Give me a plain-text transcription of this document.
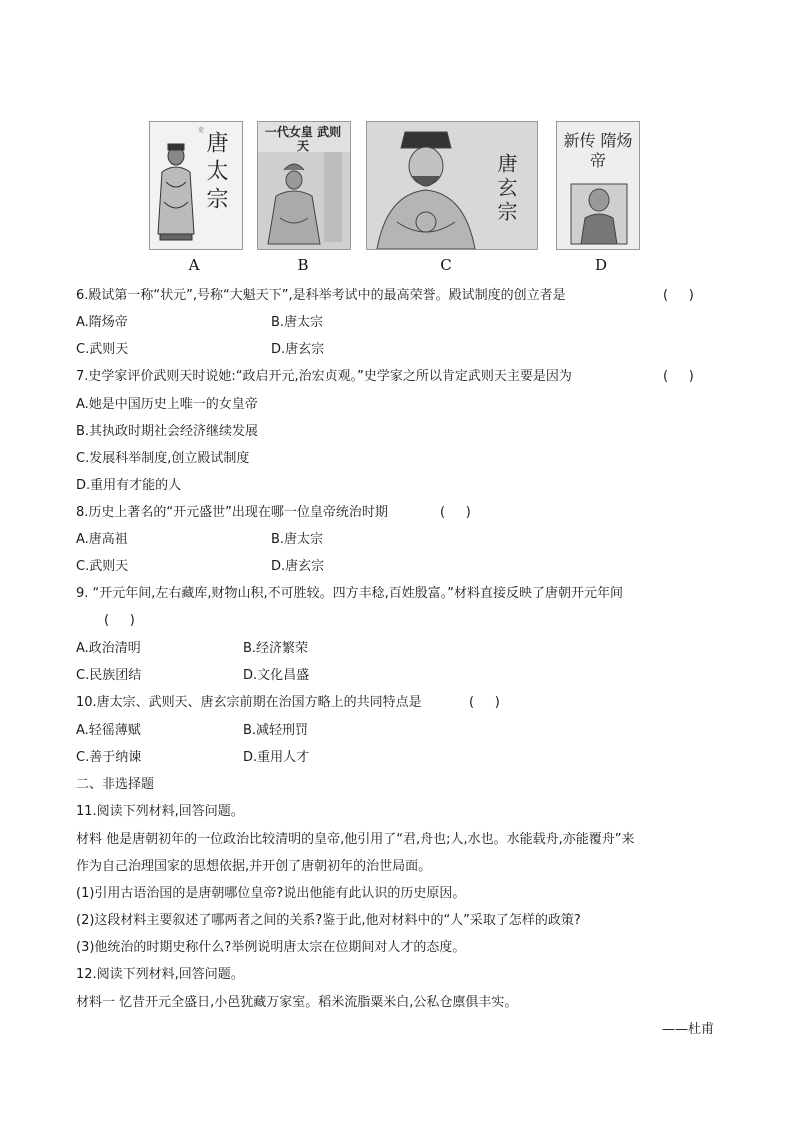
史
唐太宗	一代女皇 武则天
唐玄宗
新传 隋炀帝
A	B	C	D
6.殿试第一称“状元”,号称“大魁天下”,是科举考试中的最高荣誉。殿试制度的创立者是	(     )
A.隋炀帝	B.唐太宗
C.武则天	D.唐玄宗
7.史学家评价武则天时说她:“政启开元,治宏贞观。”史学家之所以肯定武则天主要是因为	(     )
A.她是中国历史上唯一的女皇帝
B.其执政时期社会经济继续发展
C.发展科举制度,创立殿试制度
D.重用有才能的人
8.历史上著名的“开元盛世”出现在哪一位皇帝统治时期	(     )
A.唐高祖	B.唐太宗
C.武则天	D.唐玄宗
9. “开元年间,左右藏库,财物山积,不可胜较。四方丰稔,百姓殷富。”材料直接反映了唐朝开元年间
(     )
A.政治清明	B.经济繁荣
C.民族团结	D.文化昌盛
10.唐太宗、武则天、唐玄宗前期在治国方略上的共同特点是	(     )
A.轻徭薄赋	B.减轻刑罚
C.善于纳谏	D.重用人才
二、非选择题
11.阅读下列材料,回答问题。
材料 他是唐朝初年的一位政治比较清明的皇帝,他引用了“君,舟也;人,水也。水能载舟,亦能覆舟”来
作为自己治理国家的思想依据,并开创了唐朝初年的治世局面。
(1)引用古语治国的是唐朝哪位皇帝?说出他能有此认识的历史原因。
(2)这段材料主要叙述了哪两者之间的关系?鉴于此,他对材料中的“人”采取了怎样的政策?
(3)他统治的时期史称什么?举例说明唐太宗在位期间对人才的态度。
12.阅读下列材料,回答问题。
材料一 忆昔开元全盛日,小邑犹藏万家室。稻米流脂粟米白,公私仓廪俱丰实。
——杜甫
